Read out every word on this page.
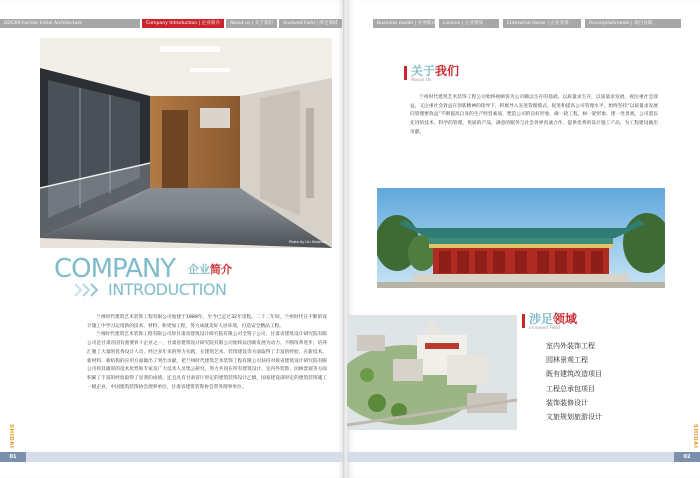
DOCER-Former Initial Architecture	Company Introduction | 企业简介	About us | 关于我们	Involved Field | 涉足领域
Photo by Lin Xinghao
COMPANY 企业简介
INTRODUCTION

兰州时代建筑艺术装饰工程有限公司始建于1989年，至今已走过32年里程。二十二年间，兰州时代在不断的设计施工中学习运用新的技术、材料、和更加工程，努力成就美好人居环境，打造安全精品工程。

兰州时代建筑艺术装饰工程有限公司原甘肃省建筑设计研究院有限公司全资子公司，甘肃省建筑设计研究院有限公司是甘肃省国有重要骨干企业之一，甘肃省建筑设计研究院有限公司始终以创新发展为动力，不断改革进步，培养汇聚了大量的优秀设计人员，经过多年来的努力实践，在建筑艺术、装饰建设等方面取得了丰富的经验，在新技术、新材料、新结构的应用方面做出了突出贡献，把兰州时代建筑艺术装饰工程有限公司扶持对接省建筑设计研究院有限公司将其雄厚的技术优势和专家及广大技术人员集公研究，努力共同在所有建筑设计、室内外装饰、园林景观等方面积累了丰富的经验取得了显著的成绩，还且具有甘肃省厅审定的建筑装饰设计乙级，国家建设部审定的建筑装饰施工一级企业，中国建筑装饰协会理事单位，甘肃省建筑装饰协会常务理事单位。

SHIDAI
01
Business model | 业务模式	Lisence | 企业资质	Enterprise Honor | 企业荣誉	Accomplishments | 项目业绩
关于我们
About Us
涉足领域
Involved Field
SHIDAI
02

兰州时代建筑艺术装饰工程公司始终视顾客为公司赖以生存的基础，以质量求生存，以质量求发展，视注重社会效益，又注重社会效益在创新精神的指导下，积极导入先进管理模式，促进和提高公司管理水平，始终坚持“以质量求发展向管理要效益”不断提高自身的生产经营素质，塑造公司的良好形象，做一轮工程，树一轮形象，建一处景观，公司愿以先进的技术、科学的管理，优质的产品，满意的服务与社会各界真诚合作，提供优秀的设计施工产品，为工程建设做出贡献。

室内外装饰工程
园林景观工程
既有建筑改造项目
工程总承包项目
装饰装修设计
文旅规划旅游设计
